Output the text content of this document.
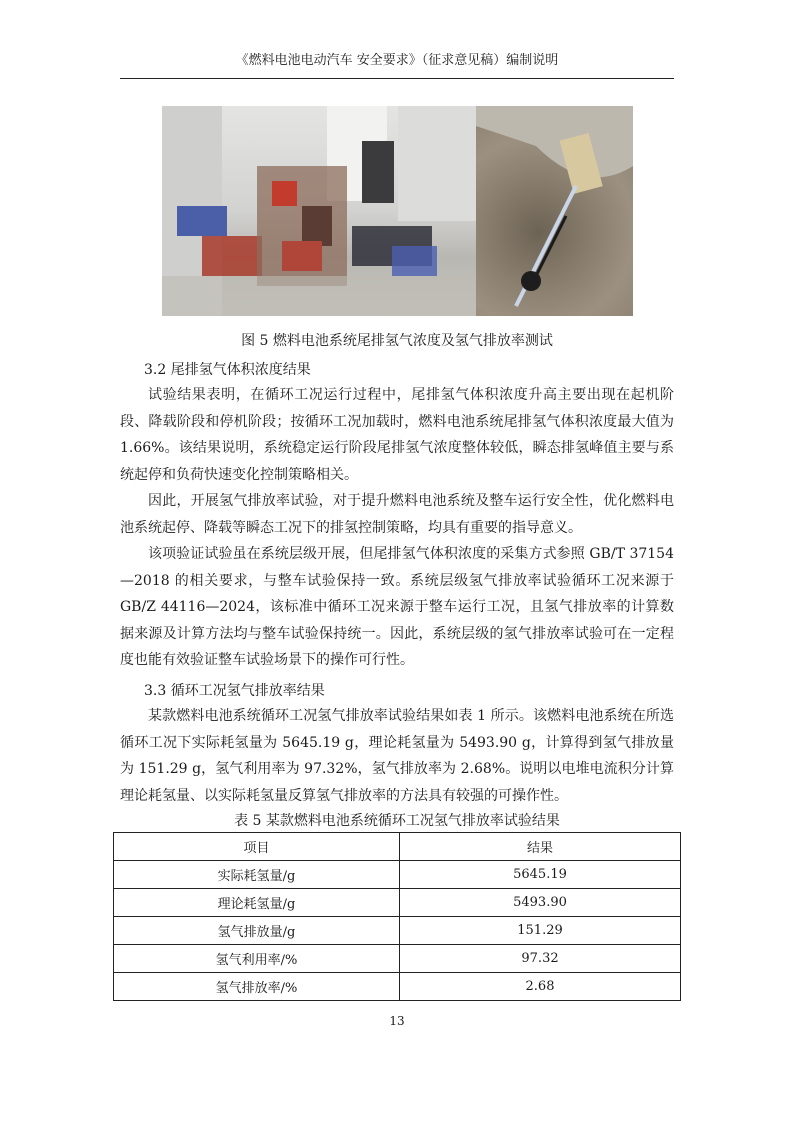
《燃料电池电动汽车 安全要求》（征求意见稿）编制说明
图 5 燃料电池系统尾排氢气浓度及氢气排放率测试
3.2 尾排氢气体积浓度结果

试验结果表明，在循环工况运行过程中，尾排氢气体积浓度升高主要出现在起机阶段、降载阶段和停机阶段；按循环工况加载时，燃料电池系统尾排氢气体积浓度最大值为 1.66%。该结果说明，系统稳定运行阶段尾排氢气浓度整体较低，瞬态排氢峰值主要与系统起停和负荷快速变化控制策略相关。

因此，开展氢气排放率试验，对于提升燃料电池系统及整车运行安全性，优化燃料电池系统起停、降载等瞬态工况下的排氢控制策略，均具有重要的指导意义。

该项验证试验虽在系统层级开展，但尾排氢气体积浓度的采集方式参照 GB/T 37154—2018 的相关要求，与整车试验保持一致。系统层级氢气排放率试验循环工况来源于 GB/Z 44116—2024，该标准中循环工况来源于整车运行工况，且氢气排放率的计算数据来源及计算方法均与整车试验保持统一。因此，系统层级的氢气排放率试验可在一定程度也能有效验证整车试验场景下的操作可行性。

3.3 循环工况氢气排放率结果

某款燃料电池系统循环工况氢气排放率试验结果如表 1 所示。该燃料电池系统在所选循环工况下实际耗氢量为 5645.19 g，理论耗氢量为 5493.90 g，计算得到氢气排放量为 151.29 g，氢气利用率为 97.32%，氢气排放率为 2.68%。说明以电堆电流积分计算理论耗氢量、以实际耗氢量反算氢气排放率的方法具有较强的可操作性。

表 5 某款燃料电池系统循环工况氢气排放率试验结果
项目	结果
实际耗氢量/g	5645.19
理论耗氢量/g	5493.90
氢气排放量/g	151.29
氢气利用率/%	97.32
氢气排放率/%	2.68
13
